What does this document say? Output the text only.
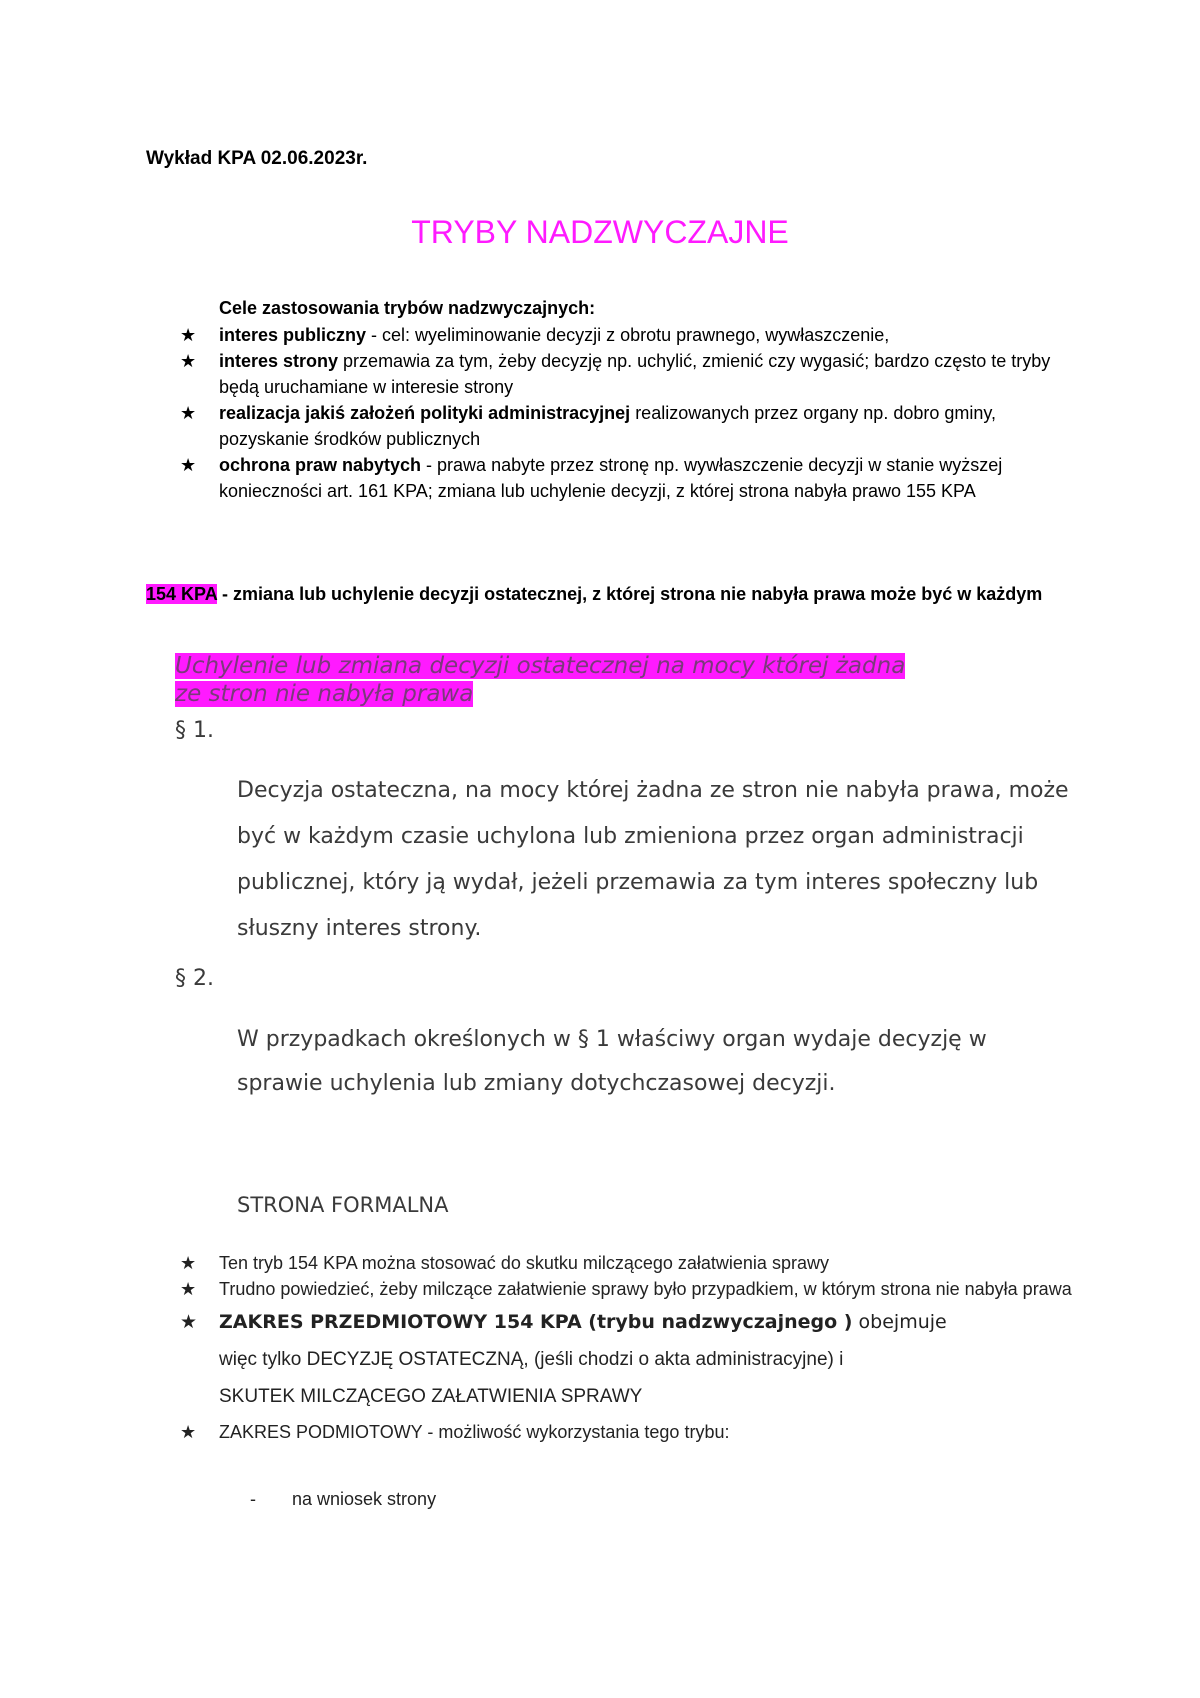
Wykład KPA 02.06.2023r.
TRYBY NADZWYCZAJNE
Cele zastosowania trybów nadzwyczajnych:
★ interes publiczny - cel: wyeliminowanie decyzji z obrotu prawnego, wywłaszczenie,
★ interes strony przemawia za tym, żeby decyzję np. uchylić, zmienić czy wygasić; bardzo często te tryby będą uruchamiane w interesie strony
★ realizacja jakiś założeń polityki administracyjnej realizowanych przez organy np. dobro gminy, pozyskanie środków publicznych
★ ochrona praw nabytych - prawa nabyte przez stronę np. wywłaszczenie decyzji w stanie wyższej konieczności art. 161 KPA; zmiana lub uchylenie decyzji, z której strona nabyła prawo 155 KPA
154 KPA - zmiana lub uchylenie decyzji ostatecznej, z której strona nie nabyła prawa może być w każdym
Uchylenie lub zmiana decyzji ostatecznej na mocy której żadna
ze stron nie nabyła prawa
§ 1.
Decyzja ostateczna, na mocy której żadna ze stron nie nabyła prawa, może być w każdym czasie uchylona lub zmieniona przez organ administracji publicznej, który ją wydał, jeżeli przemawia za tym interes społeczny lub słuszny interes strony.
§ 2.
W przypadkach określonych w § 1 właściwy organ wydaje decyzję w sprawie uchylenia lub zmiany dotychczasowej decyzji.
STRONA FORMALNA
★ Ten tryb 154 KPA można stosować do skutku milczącego załatwienia sprawy
★ Trudno powiedzieć, żeby milczące załatwienie sprawy było przypadkiem, w którym strona nie nabyła prawa
★ ZAKRES PRZEDMIOTOWY 154 KPA (trybu nadzwyczajnego ) obejmuje
więc tylko DECYZJĘ OSTATECZNĄ, (jeśli chodzi o akta administracyjne) i
SKUTEK MILCZĄCEGO ZAŁATWIENIA SPRAWY
★ ZAKRES PODMIOTOWY - możliwość wykorzystania tego trybu:
- na wniosek strony
